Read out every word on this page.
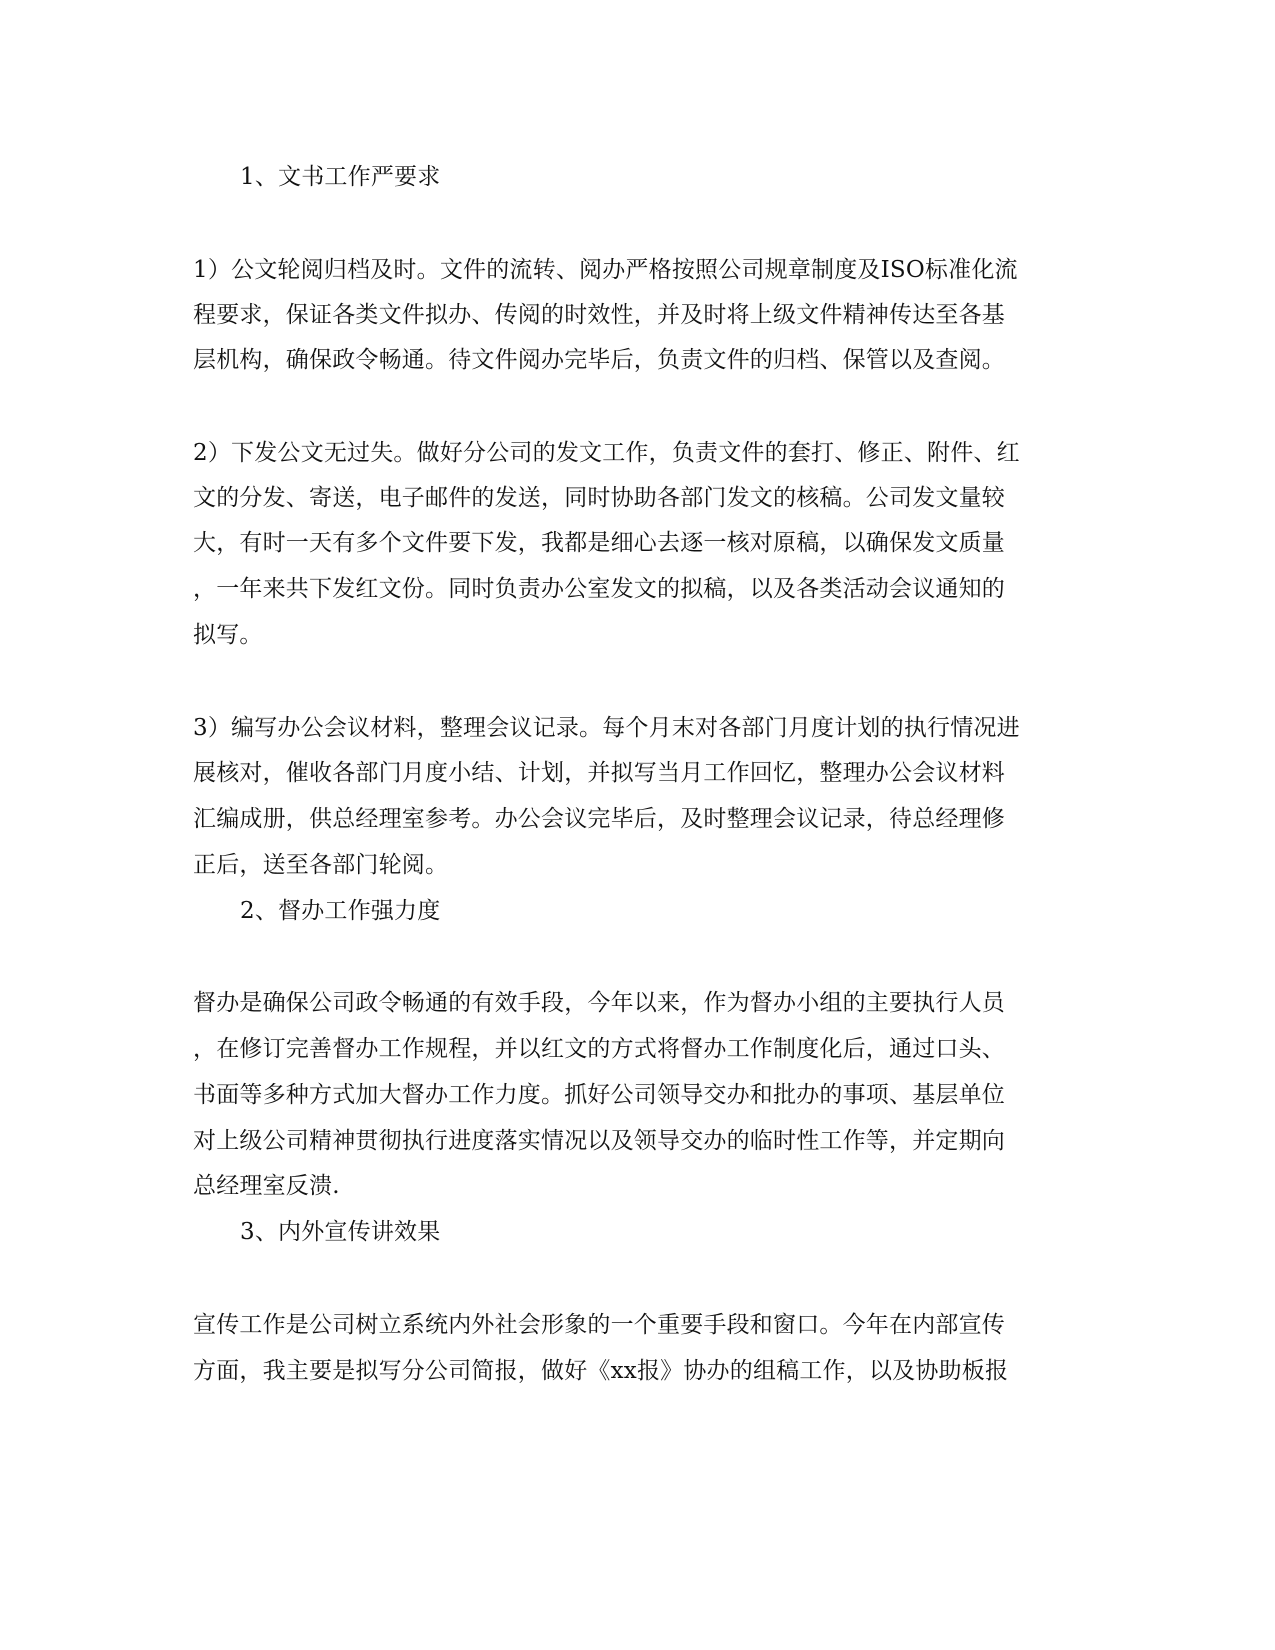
1、文书工作严要求
1）公文轮阅归档及时。文件的流转、阅办严格按照公司规章制度及ISO标准化流
程要求，保证各类文件拟办、传阅的时效性，并及时将上级文件精神传达至各基
层机构，确保政令畅通。待文件阅办完毕后，负责文件的归档、保管以及查阅。
2）下发公文无过失。做好分公司的发文工作，负责文件的套打、修正、附件、红
文的分发、寄送，电子邮件的发送，同时协助各部门发文的核稿。公司发文量较
大，有时一天有多个文件要下发，我都是细心去逐一核对原稿，以确保发文质量
，一年来共下发红文份。同时负责办公室发文的拟稿，以及各类活动会议通知的
拟写。
3）编写办公会议材料，整理会议记录。每个月末对各部门月度计划的执行情况进
展核对，催收各部门月度小结、计划，并拟写当月工作回忆，整理办公会议材料
汇编成册，供总经理室参考。办公会议完毕后，及时整理会议记录，待总经理修
正后，送至各部门轮阅。
2、督办工作强力度
督办是确保公司政令畅通的有效手段，今年以来，作为督办小组的主要执行人员
，在修订完善督办工作规程，并以红文的方式将督办工作制度化后，通过口头、
书面等多种方式加大督办工作力度。抓好公司领导交办和批办的事项、基层单位
对上级公司精神贯彻执行进度落实情况以及领导交办的临时性工作等，并定期向
总经理室反溃.
3、内外宣传讲效果
宣传工作是公司树立系统内外社会形象的一个重要手段和窗口。今年在内部宣传
方面，我主要是拟写分公司简报，做好《xx报》协办的组稿工作，以及协助板报
